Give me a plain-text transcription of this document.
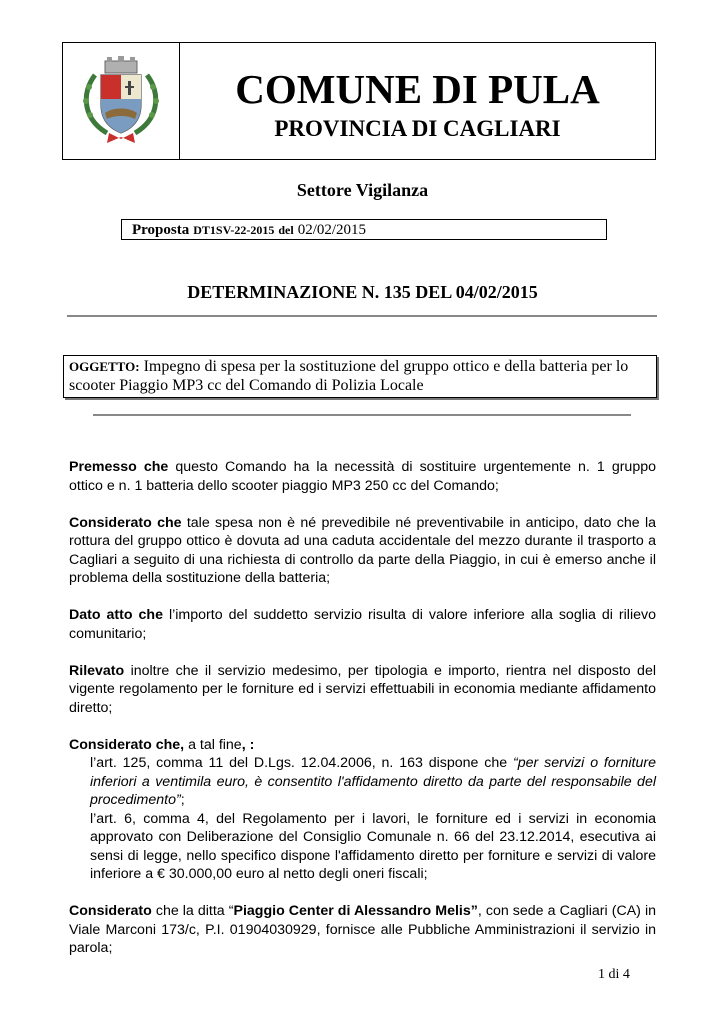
COMUNE DI PULA
PROVINCIA DI CAGLIARI
Settore Vigilanza
Proposta DT1SV-22-2015 del 02/02/2015
DETERMINAZIONE N. 135 DEL 04/02/2015
OGGETTO: Impegno di spesa per la sostituzione del gruppo ottico e della batteria per lo scooter Piaggio MP3 cc del Comando di Polizia Locale

Premesso che questo Comando ha la necessità di sostituire urgentemente n. 1 gruppo ottico e n. 1 batteria dello scooter piaggio MP3 250 cc del Comando;

Considerato che tale spesa non è né prevedibile né preventivabile in anticipo, dato che la rottura del gruppo ottico è dovuta ad una caduta accidentale del mezzo durante il trasporto a Cagliari a seguito di una richiesta di controllo da parte della Piaggio, in cui è emerso anche il problema della sostituzione della batteria;

Dato atto che l’importo del suddetto servizio risulta di valore inferiore alla soglia di rilievo comunitario;

Rilevato inoltre che il servizio medesimo, per tipologia e importo, rientra nel disposto del vigente regolamento per le forniture ed i servizi effettuabili in economia mediante affidamento diretto;

Considerato che, a tal fine, :

l’art. 125, comma 11 del D.Lgs. 12.04.2006, n. 163 dispone che “per servizi o forniture inferiori a ventimila euro, è consentito l'affidamento diretto da parte del responsabile del procedimento”;

l’art. 6, comma 4, del Regolamento per i lavori, le forniture ed i servizi in economia approvato con Deliberazione del Consiglio Comunale n. 66 del 23.12.2014, esecutiva ai sensi di legge, nello specifico dispone l'affidamento diretto per forniture e servizi di valore inferiore a € 30.000,00 euro al netto degli oneri fiscali;

Considerato che la ditta “Piaggio Center di Alessandro Melis”, con sede a Cagliari (CA) in Viale Marconi 173/c, P.I. 01904030929, fornisce alle Pubbliche Amministrazioni il servizio in parola;

1 di 4
